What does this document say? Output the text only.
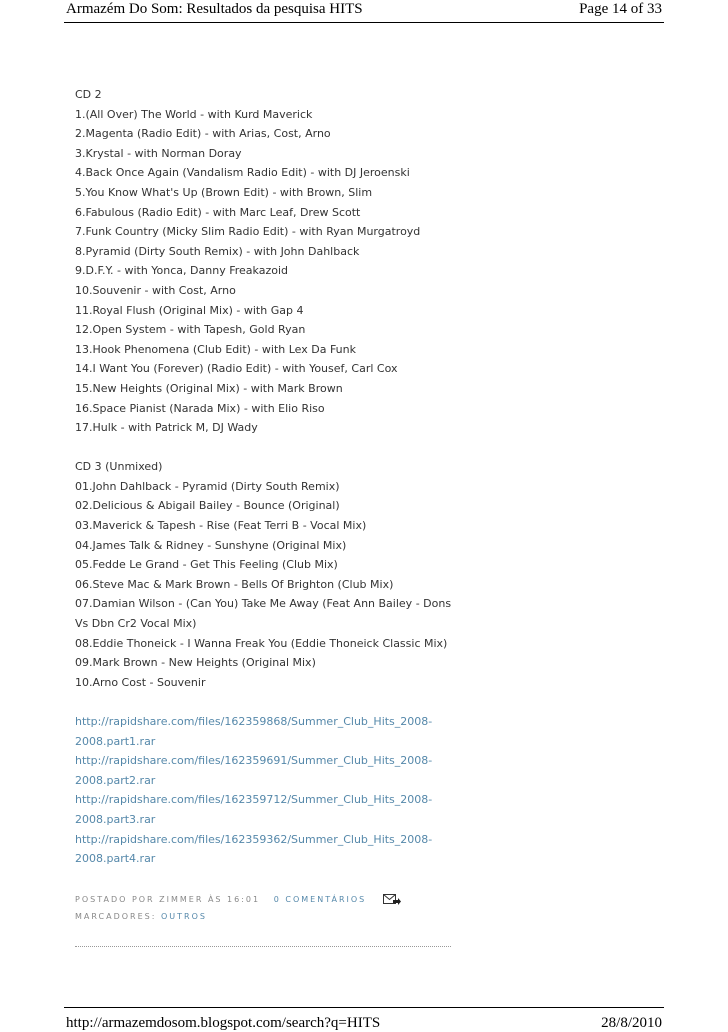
Armazém Do Som: Resultados da pesquisa HITS	Page 14 of 33
CD 2
1.(All Over) The World - with Kurd Maverick
2.Magenta (Radio Edit) - with Arias, Cost, Arno
3.Krystal - with Norman Doray
4.Back Once Again (Vandalism Radio Edit) - with DJ Jeroenski
5.You Know What's Up (Brown Edit) - with Brown, Slim
6.Fabulous (Radio Edit) - with Marc Leaf, Drew Scott
7.Funk Country (Micky Slim Radio Edit) - with Ryan Murgatroyd
8.Pyramid (Dirty South Remix) - with John Dahlback
9.D.F.Y. - with Yonca, Danny Freakazoid
10.Souvenir - with Cost, Arno
11.Royal Flush (Original Mix) - with Gap 4
12.Open System - with Tapesh, Gold Ryan
13.Hook Phenomena (Club Edit) - with Lex Da Funk
14.I Want You (Forever) (Radio Edit) - with Yousef, Carl Cox
15.New Heights (Original Mix) - with Mark Brown
16.Space Pianist (Narada Mix) - with Elio Riso
17.Hulk - with Patrick M, DJ Wady
CD 3 (Unmixed)
01.John Dahlback - Pyramid (Dirty South Remix)
02.Delicious & Abigail Bailey - Bounce (Original)
03.Maverick & Tapesh - Rise (Feat Terri B - Vocal Mix)
04.James Talk & Ridney - Sunshyne (Original Mix)
05.Fedde Le Grand - Get This Feeling (Club Mix)
06.Steve Mac & Mark Brown - Bells Of Brighton (Club Mix)
07.Damian Wilson - (Can You) Take Me Away (Feat Ann Bailey - Dons
Vs Dbn Cr2 Vocal Mix)
08.Eddie Thoneick - I Wanna Freak You (Eddie Thoneick Classic Mix)
09.Mark Brown - New Heights (Original Mix)
10.Arno Cost - Souvenir
http://rapidshare.com/files/162359868/Summer_Club_Hits_2008-
2008.part1.rar
http://rapidshare.com/files/162359691/Summer_Club_Hits_2008-
2008.part2.rar
http://rapidshare.com/files/162359712/Summer_Club_Hits_2008-
2008.part3.rar
http://rapidshare.com/files/162359362/Summer_Club_Hits_2008-
2008.part4.rar
POSTADO POR ZIMMER ÀS 16:01 0 COMENTÁRIOS
MARCADORES: OUTROS
http://armazemdosom.blogspot.com/search?q=HITS	28/8/2010
